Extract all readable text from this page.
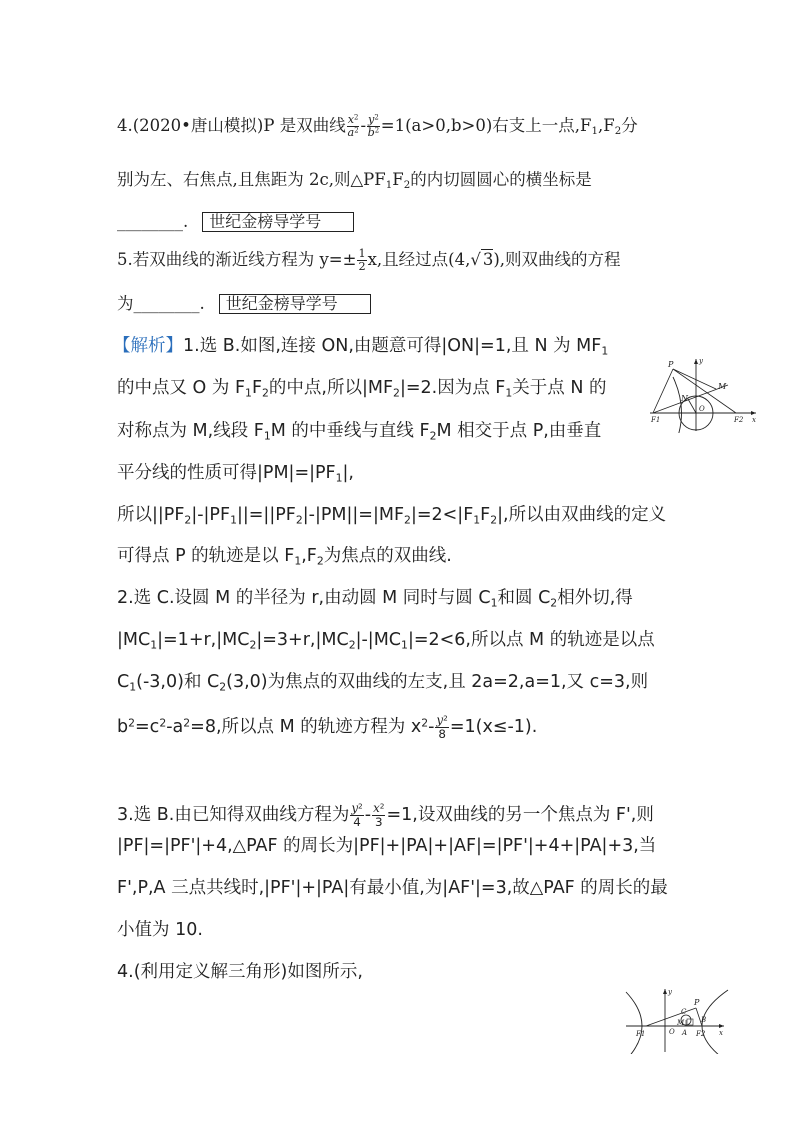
4.(2020•唐山模拟)P 是双曲线 $\frac{x^2}{a^2} - \frac{y^2}{b^2} =1(a>0,b>0)$右支上一点$,F_1,F_2$分
别为左、右焦点,且焦距为 2c,则$\triangle PF_1F_2$的内切圆圆心的横坐标是
________. 世纪金榜导学号
5.若双曲线的渐近线方程为 $y=\pm \frac{1}{2} x$,且经过点(4,√ 3),则双曲线的方程
为________. 世纪金榜导学号
【解析】1.选 B.如图,连接 ON,由题意可得|ON|=1,且 N 为 $MF_1$
的中点又 O 为 $F_1F_2$的中点,所以$|MF_2|=2$.因为点 $F_1$关于点 N 的
对称点为 M,线段 $F_1M$ 的中垂线与直线 $F_2M$ 相交于点 P,由垂直
平分线的性质可得$|PM|=|PF_1|$,
所以$||PF_2|-|PF_1||=||PF_2|-|PM||=|MF_2|=2<|F_1F_2|$,所以由双曲线的定义
可得点 P 的轨迹是以 $F_1,F_2$为焦点的双曲线.
P
M
N
O
F1	F2 x
y
2.选 C.设圆 M 的半径为 r,由动圆 M 同时与圆 $C_1$和圆 $C_2$相外切,得
$|MC_1|=1+r,|MC_2|=3+r,|MC_2|-|MC_1|=2<6$,所以点 M 的轨迹是以点
$C_1(-3,0)$和 $C_2(3,0)$为焦点的双曲线的左支,且 2a=2,a=1,又 c=3,则
$b^2=c^2-a^2=8$,所以点 M 的轨迹方程为 $x^2- \frac{y^2}{8} =1(x\le-1)$.
3.选 B.由已知得双曲线方程为 $\frac{y^2}{4} - \frac{x^2}{3} =1$,设双曲线的另一个焦点为 F',则
|PF|=|PF'|+4,△PAF 的周长为|PF|+|PA|+|AF|=|PF'|+4+|PA|+3,当
F',P,A 三点共线时,|PF'|+|PA|有最小值,为|AF'|=3,故△PAF 的周长的最
小值为 10.
4.(利用定义解三角形)如图所示,
P
C
M B
O A
F1	F2 x
y
